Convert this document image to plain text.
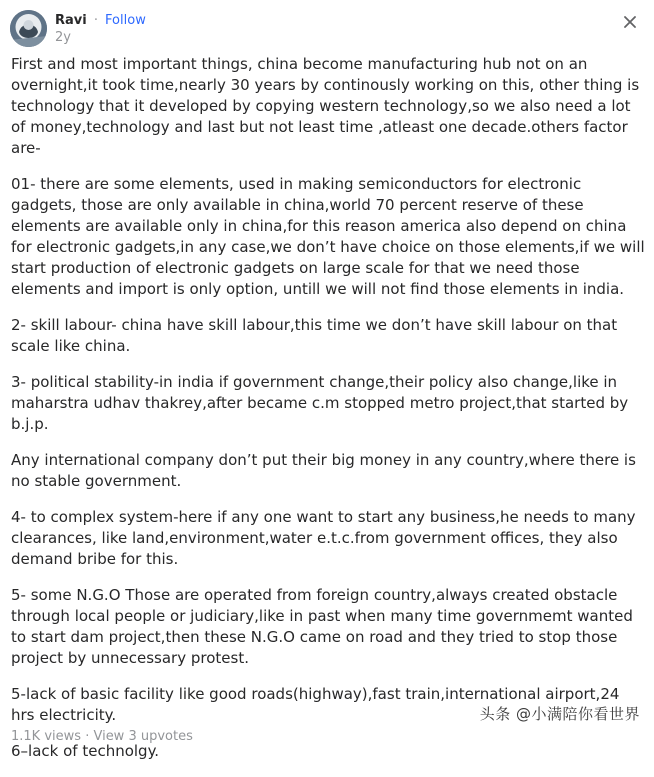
Ravi · Follow
2y

First and most important things, china become manufacturing hub not on an overnight,it took time,nearly 30 years by continously working on this, other thing is technology that it developed by copying western technology,so we also need a lot of money,technology and last but not least time ,atleast one decade.others factor are-

01- there are some elements, used in making semiconductors for electronic gadgets, those are only available in china,world 70 percent reserve of these elements are available only in china,for this reason america also depend on china for electronic gadgets,in any case,we don’t have choice on those elements,if we will start production of electronic gadgets on large scale for that we need those elements and import is only option, untill we will not find those elements in india.

2- skill labour- china have skill labour,this time we don’t have skill labour on that scale like china.

3- political stability-in india if government change,their policy also change,like in maharstra udhav thakrey,after became c.m stopped metro project,that started by b.j.p.

Any international company don’t put their big money in any country,where there is no stable government.

4- to complex system-here if any one want to start any business,he needs to many clearances, like land,environment,water e.t.c.from government offices, they also demand bribe for this.

5- some N.G.O Those are operated from foreign country,always created obstacle through local people or judiciary,like in past when many time governmemt wanted to start dam project,then these N.G.O came on road and they tried to stop those project by unnecessary protest.

5-lack of basic facility like good roads(highway),fast train,international airport,24 hrs electricity.

6–lack of technolgy.

1.1K views · View 3 upvotes
头条 @小满陪你看世界
